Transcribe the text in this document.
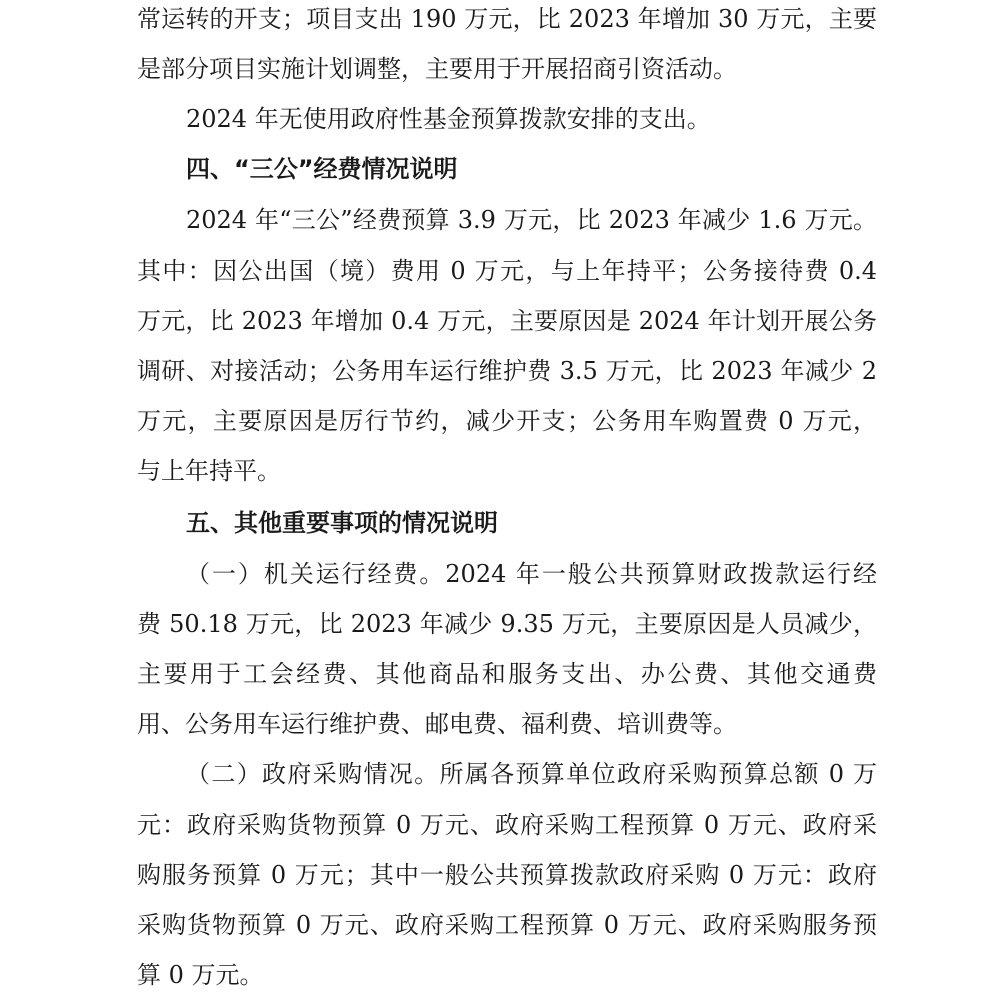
常运转的开支；项目支出 190 万元，比 2023 年增加 30 万元，主要
是部分项目实施计划调整，主要用于开展招商引资活动。
2024 年无使用政府性基金预算拨款安排的支出。
四、“三公”经费情况说明
2024 年“三公”经费预算 3.9 万元，比 2023 年减少 1.6 万元。
其中：因公出国（境）费用 0 万元，与上年持平；公务接待费 0.4
万元，比 2023 年增加 0.4 万元，主要原因是 2024 年计划开展公务
调研、对接活动；公务用车运行维护费 3.5 万元，比 2023 年减少 2
万元，主要原因是厉行节约，减少开支；公务用车购置费 0 万元，
与上年持平。
五、其他重要事项的情况说明
（一）机关运行经费。2024 年一般公共预算财政拨款运行经
费 50.18 万元，比 2023 年减少 9.35 万元，主要原因是人员减少，
主要用于工会经费、其他商品和服务支出、办公费、其他交通费
用、公务用车运行维护费、邮电费、福利费、培训费等。
（二）政府采购情况。所属各预算单位政府采购预算总额 0 万
元：政府采购货物预算 0 万元、政府采购工程预算 0 万元、政府采
购服务预算 0 万元；其中一般公共预算拨款政府采购 0 万元：政府
采购货物预算 0 万元、政府采购工程预算 0 万元、政府采购服务预
算 0 万元。
